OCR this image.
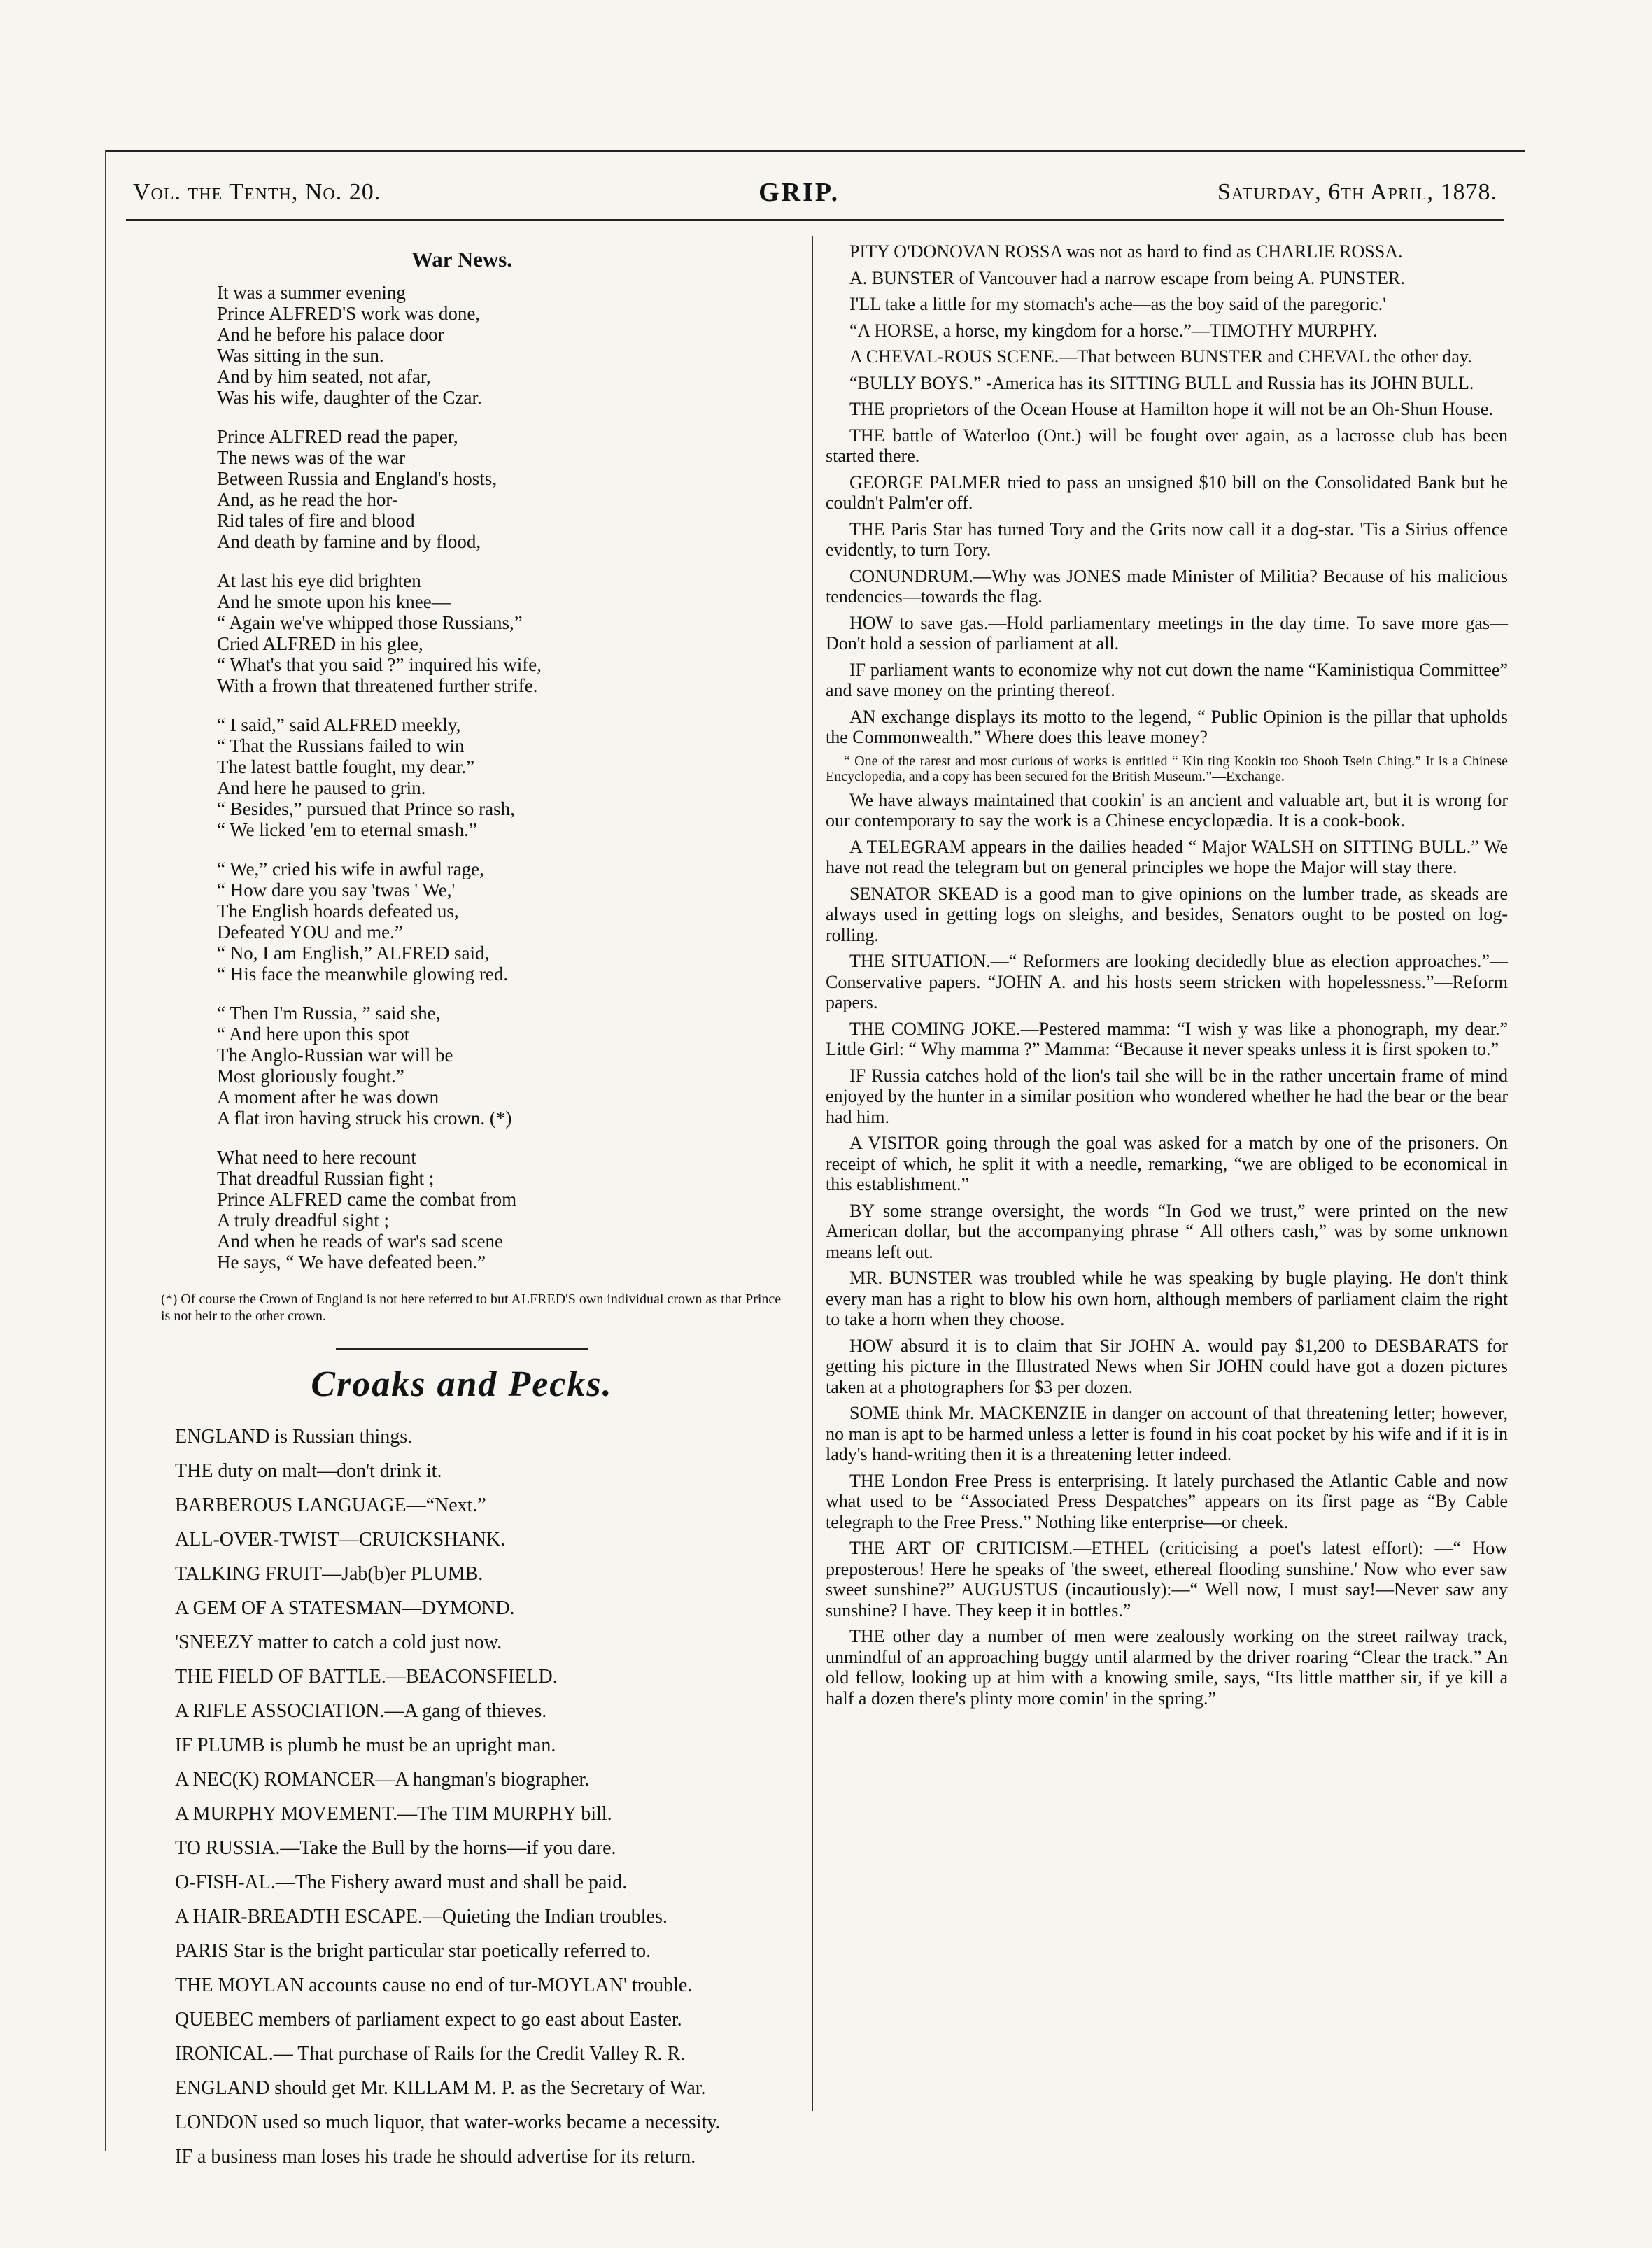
Vol. the Tenth, No. 20.	GRIP.	Saturday, 6th April, 1878.
War News.
It was a summer evening
Prince ALFRED'S work was done,
And he before his palace door
Was sitting in the sun.
And by him seated, not afar,
Was his wife, daughter of the Czar.
Prince ALFRED read the paper,
The news was of the war
Between Russia and England's hosts,
And, as he read the hor-
Rid tales of fire and blood
And death by famine and by flood,
At last his eye did brighten
And he smote upon his knee—
“ Again we've whipped those Russians,”
Cried ALFRED in his glee,
“ What's that you said ?” inquired his wife,
With a frown that threatened further strife.
“ I said,” said ALFRED meekly,
“ That the Russians failed to win
The latest battle fought, my dear.”
And here he paused to grin.
“ Besides,” pursued that Prince so rash,
“ We licked 'em to eternal smash.”
“ We,” cried his wife in awful rage,
“ How dare you say 'twas ' We,'
The English hoards defeated us,
Defeated YOU and me.”
“ No, I am English,” ALFRED said,
“ His face the meanwhile glowing red.
“ Then I'm Russia, ” said she,
“ And here upon this spot
The Anglo-Russian war will be
Most gloriously fought.”
A moment after he was down
A flat iron having struck his crown. (*)
What need to here recount
That dreadful Russian fight ;
Prince ALFRED came the combat from
A truly dreadful sight ;
And when he reads of war's sad scene
He says, “ We have defeated been.”
(*) Of course the Crown of England is not here referred to but ALFRED'S own individual crown as that Prince is not heir to the other crown.
Croaks and Pecks.
ENGLAND is Russian things.
THE duty on malt—don't drink it.
BARBEROUS LANGUAGE—“Next.”
ALL-OVER-TWIST—CRUICKSHANK.
TALKING FRUIT—Jab(b)er PLUMB.
A GEM OF A STATESMAN—DYMOND.
'SNEEZY matter to catch a cold just now.
THE FIELD OF BATTLE.—BEACONSFIELD.
A RIFLE ASSOCIATION.—A gang of thieves.
IF PLUMB is plumb he must be an upright man.
A NEC(K) ROMANCER—A hangman's biographer.
A MURPHY MOVEMENT.—The TIM MURPHY bill.
TO RUSSIA.—Take the Bull by the horns—if you dare.
O-FISH-AL.—The Fishery award must and shall be paid.
A HAIR-BREADTH ESCAPE.—Quieting the Indian troubles.
PARIS Star is the bright particular star poetically referred to.
THE MOYLAN accounts cause no end of tur-MOYLAN' trouble.
QUEBEC members of parliament expect to go east about Easter.
IRONICAL.— That purchase of Rails for the Credit Valley R. R.
ENGLAND should get Mr. KILLAM M. P. as the Secretary of War.
LONDON used so much liquor, that water-works became a necessity.
IF a business man loses his trade he should advertise for its return.
PITY O'DONOVAN ROSSA was not as hard to find as CHARLIE ROSSA.
A. BUNSTER of Vancouver had a narrow escape from being A. PUNSTER.
I'LL take a little for my stomach's ache—as the boy said of the paregoric.'
“A HORSE, a horse, my kingdom for a horse.”—TIMOTHY MURPHY.
A CHEVAL-ROUS SCENE.—That between BUNSTER and CHEVAL the other day.
“BULLY BOYS.” -America has its SITTING BULL and Russia has its JOHN BULL.
THE proprietors of the Ocean House at Hamilton hope it will not be an Oh-Shun House.
THE battle of Waterloo (Ont.) will be fought over again, as a lacrosse club has been started there.
GEORGE PALMER tried to pass an unsigned $10 bill on the Consolidated Bank but he couldn't Palm'er off.
THE Paris Star has turned Tory and the Grits now call it a dog-star. 'Tis a Sirius offence evidently, to turn Tory.
CONUNDRUM.—Why was JONES made Minister of Militia? Because of his malicious tendencies—towards the flag.
HOW to save gas.—Hold parliamentary meetings in the day time. To save more gas—Don't hold a session of parliament at all.
IF parliament wants to economize why not cut down the name “Kaministiqua Committee” and save money on the printing thereof.
AN exchange displays its motto to the legend, “ Public Opinion is the pillar that upholds the Commonwealth.” Where does this leave money?
“ One of the rarest and most curious of works is entitled “ Kin ting Kookin too Shooh Tsein Ching.” It is a Chinese Encyclopedia, and a copy has been secured for the British Museum.”—Exchange.
We have always maintained that cookin' is an ancient and valuable art, but it is wrong for our contemporary to say the work is a Chinese encyclopædia. It is a cook-book.
A TELEGRAM appears in the dailies headed “ Major WALSH on SITTING BULL.” We have not read the telegram but on general principles we hope the Major will stay there.
SENATOR SKEAD is a good man to give opinions on the lumber trade, as skeads are always used in getting logs on sleighs, and besides, Senators ought to be posted on log-rolling.
THE SITUATION.—“ Reformers are looking decidedly blue as election approaches.”—Conservative papers. “JOHN A. and his hosts seem stricken with hopelessness.”—Reform papers.
THE COMING JOKE.—Pestered mamma: “I wish y was like a phonograph, my dear.” Little Girl: “ Why mamma ?” Mamma: “Because it never speaks unless it is first spoken to.”
IF Russia catches hold of the lion's tail she will be in the rather uncertain frame of mind enjoyed by the hunter in a similar position who wondered whether he had the bear or the bear had him.
A VISITOR going through the goal was asked for a match by one of the prisoners. On receipt of which, he split it with a needle, remarking, “we are obliged to be economical in this establishment.”
BY some strange oversight, the words “In God we trust,” were printed on the new American dollar, but the accompanying phrase “ All others cash,” was by some unknown means left out.
MR. BUNSTER was troubled while he was speaking by bugle playing. He don't think every man has a right to blow his own horn, although members of parliament claim the right to take a horn when they choose.
HOW absurd it is to claim that Sir JOHN A. would pay $1,200 to DESBARATS for getting his picture in the Illustrated News when Sir JOHN could have got a dozen pictures taken at a photographers for $3 per dozen.
SOME think Mr. MACKENZIE in danger on account of that threatening letter; however, no man is apt to be harmed unless a letter is found in his coat pocket by his wife and if it is in lady's hand-writing then it is a threatening letter indeed.
THE London Free Press is enterprising. It lately purchased the Atlantic Cable and now what used to be “Associated Press Despatches” appears on its first page as “By Cable telegraph to the Free Press.” Nothing like enterprise—or cheek.
THE ART OF CRITICISM.—ETHEL (criticising a poet's latest effort): —“ How preposterous! Here he speaks of 'the sweet, ethereal flooding sunshine.' Now who ever saw sweet sunshine?” AUGUSTUS (incautiously):—“ Well now, I must say!—Never saw any sunshine? I have. They keep it in bottles.”
THE other day a number of men were zealously working on the street railway track, unmindful of an approaching buggy until alarmed by the driver roaring “Clear the track.” An old fellow, looking up at him with a knowing smile, says, “Its little matther sir, if ye kill a half a dozen there's plinty more comin' in the spring.”
